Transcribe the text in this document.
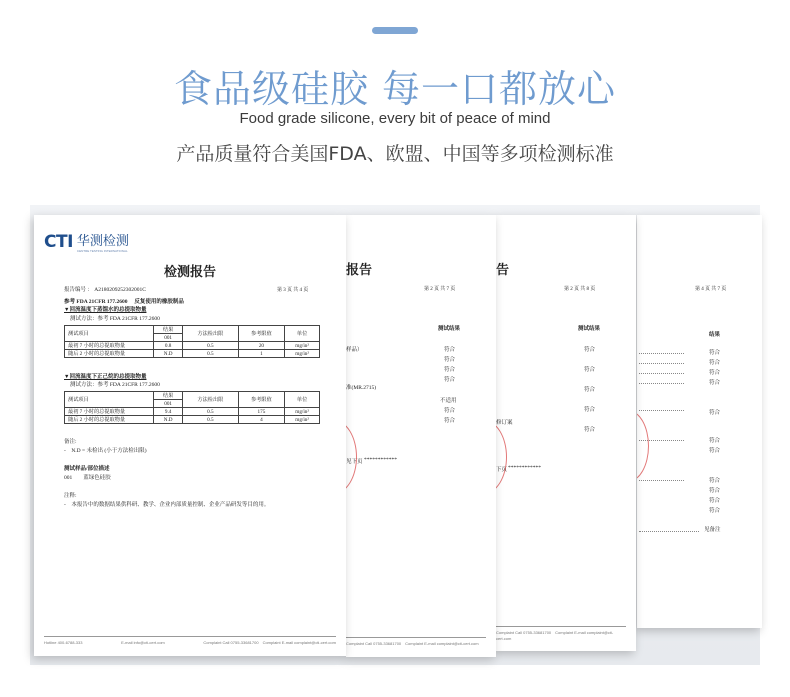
食品级硅胶 每一口都放心
Food grade silicone, every bit of peace of mind
产品质量符合美国FDA、欧盟、中国等多项检测标准
第 4 页 共 7 页
结果
符合
符合
符合
符合
符合
符合
符合
符合
符合
符合
符合
见备注
告
第 2 页 共 8 页
测试结果
符合
符合
符合
符合
符合
修订案
下页 ************
Complaint Call 0755-33681700　Complaint E-mail complaint@cti-cert.com
报告
第 2 页 共 7 页
测试结果
符合
符合
符合
符合
不适用
符合
符合
样品）
准(MR.2715)
见下页 ************
Complaint Call 0755-33681700　Complaint E-mail complaint@cti-cert.com
CTI 华测检测
CENTRE TESTING INTERNATIONAL
检测报告
报告编号 ： A2180209252302001C	第 3 页 共 4 页
参考 FDA 21CFR 177.2600 　反复使用的橡胶制品
▼回流温度下蒸馏水的总提取物量
测试方法：参考 FDA 21CFR 177.2600
测试项目	结果	方法检出限	参考限值	单位
	001			
最初 7 小时的总提取物量	0.8	0.5	20	mg/in²
随后 2 小时的总提取物量	N.D	0.5	1	mg/in²
▼回流温度下正己烷的总提取物量
测试方法：参考 FDA 21CFR 177.2600
测试项目	结果	方法检出限	参考限值	单位
	001			
最初 7 小时的总提取物量	9.4	0.5	175	mg/in²
随后 2 小时的总提取物量	N.D	0.5	4	mg/in²
备注:
-　N.D = 未检出 (小于方法检出限)
测试样品/部位描述
001　　蓝绿色硅胶
注释:
-　本报告中的数据结果供科研、教学、企业内部质量控制、企业产品研发等目的用。
Hotline 400-6788-333	E-mail info@cti-cert.com	Complaint Call 0755-33681700　Complaint E-mail complaint@cti-cert.com
